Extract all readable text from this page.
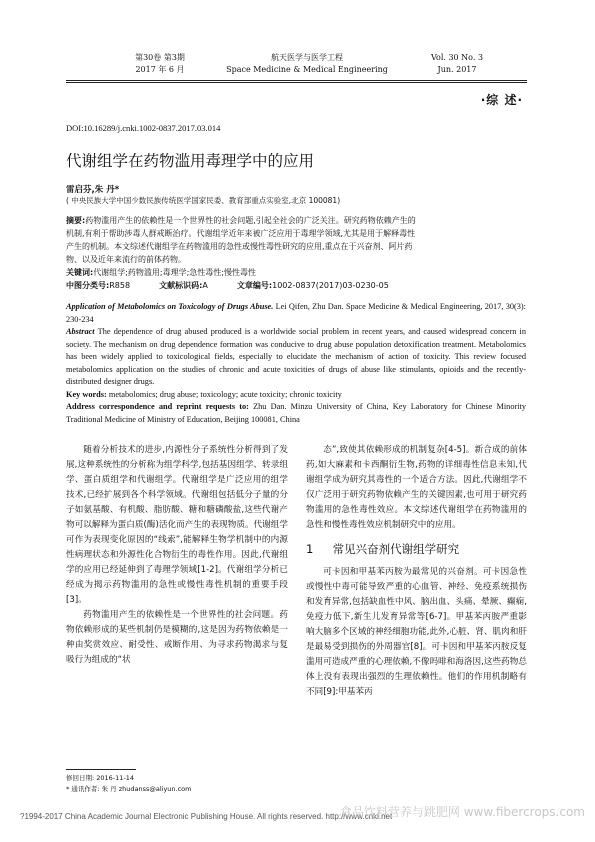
第30卷 第3期
2017 年 6 月
航天医学与医学工程
Space Medicine & Medical Engineering
Vol. 30 No. 3
Jun. 2017
·综 述·
DOI:10.16289/j.cnki.1002-0837.2017.03.014
代谢组学在药物滥用毒理学中的应用
雷启芬,朱 丹*
( 中央民族大学中国少数民族传统医学国家民委、教育部重点实验室,北京 100081)
摘要:药物滥用产生的依赖性是一个世界性的社会问题,引起全社会的广泛关注。研究药物依赖产生的
机制,有利于帮助涉毒人群戒断治疗。代谢组学近年来被广泛应用于毒理学领域,尤其是用于解释毒性
产生的机制。本文综述代谢组学在药物滥用的急性或慢性毒性研究的应用,重点在于兴奋剂、阿片药
物、以及近年来流行的前体药物。
关键词:代谢组学;药物滥用;毒理学;急性毒性;慢性毒性
中图分类号:R858	文献标识码:A	文章编号:1002-0837(2017)03-0230-05
Application of Metabolomics on Toxicology of Drugs Abuse. Lei Qifen, Zhu Dan. Space Medicine & Medical Engineering, 2017, 30(3): 230-234
Abstract The dependence of drug abused produced is a worldwide social problem in recent years, and caused widespread concern in society. The mechanism on drug dependence formation was conducive to drug abuse population detoxification treatment. Metabolomics has been widely applied to toxicological fields, especially to elucidate the mechanism of action of toxicity. This review focused metabolomics application on the studies of chronic and acute toxicities of drugs of abuse like stimulants, opioids and the recently-distributed designer drugs.
Key words: metabolomics; drug abuse; toxicology; acute toxicity; chronic toxicity
Address correspondence and reprint requests to: Zhu Dan. Minzu University of China, Key Laboratory for Chinese Minority Traditional Medicine of Ministry of Education, Beijing 100081, China

随着分析技术的进步,内源性分子系统性分析得到了发展,这种系统性的分析称为组学科学,包括基因组学、转录组学、蛋白质组学和代谢组学。代谢组学是广泛应用的组学技术,已经扩展到各个科学领域。代谢组包括低分子量的分子如氨基酸、有机酸、脂肪酸、糖和糖磷酸盐,这些代谢产物可以解释为蛋白质(酶)活化而产生的表现物质。代谢组学可作为表现变化原因的“线索”,能解释生物学机制中的内源性病理状态和外源性化合物衍生的毒性作用。因此,代谢组学的应用已经延伸到了毒理学领域[1-2]。代谢组学分析已经成为揭示药物滥用的急性或慢性毒性机制的重要手段[3]。

药物滥用产生的依赖性是一个世界性的社会问题。药物依赖形成的某些机制仍是模糊的,这是因为药物依赖是一种由奖赏效应、耐受性、戒断作用、为寻求药物渴求与复吸行为组成的“状

态”,致使其依赖形成的机制复杂[4-5]。新合成的前体药,如大麻素和卡西酮衍生物,药物的详细毒性信息未知,代谢组学成为研究其毒性的一个适合方法。因此,代谢组学不仅广泛用于研究药物依赖产生的关键因素,也可用于研究药物滥用的急性毒性效应。本文综述代谢组学在药物滥用的急性和慢性毒性效应机制研究中的应用。

1 常见兴奋剂代谢组学研究

可卡因和甲基苯丙胺为最常见的兴奋剂。可卡因急性或慢性中毒可能导致严重的心血管、神经、免疫系统损伤和发育异常,包括缺血性中风、脑出血、头痛、晕厥、癫痫,免疫力低下,新生儿发育异常等[6-7]。甲基苯丙胺严重影响大脑多个区域的神经细胞功能,此外,心脏、肾、肌肉和肝是最易受到损伤的外周器官[8]。可卡因和甲基苯丙胺反复滥用可造成严重的心理依赖,不像吗啡和海洛因,这些药物总体上没有表现出强烈的生理依赖性。他们的作用机制略有不同[9]:甲基苯丙

修回日期: 2016-11-14
* 通讯作者: 朱 丹 zhudanss@aliyun.com
?1994-2017 China Academic Journal Electronic Publishing House. All rights reserved. http://www.cnki.net
食品饮料营养与跳肥网 www.fibercrops.com
